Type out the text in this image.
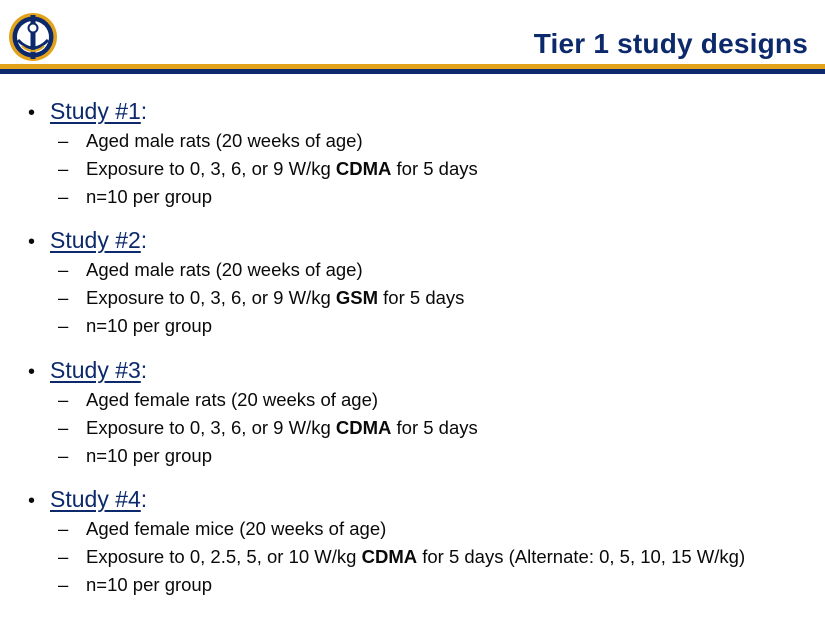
Tier 1 study designs
• Study #1 :
– Aged male rats (20 weeks of age)
– Exposure to 0, 3, 6, or 9 W/kg CDMA for 5 days
– n=10 per group
• Study #2 :
– Aged male rats (20 weeks of age)
– Exposure to 0, 3, 6, or 9 W/kg GSM for 5 days
– n=10 per group
• Study #3 :
– Aged female rats (20 weeks of age)
– Exposure to 0, 3, 6, or 9 W/kg CDMA for 5 days
– n=10 per group
• Study #4 :
– Aged female mice (20 weeks of age)
– Exposure to 0, 2.5, 5, or 10 W/kg CDMA for 5 days (Alternate: 0, 5, 10, 15 W/kg)
– n=10 per group
